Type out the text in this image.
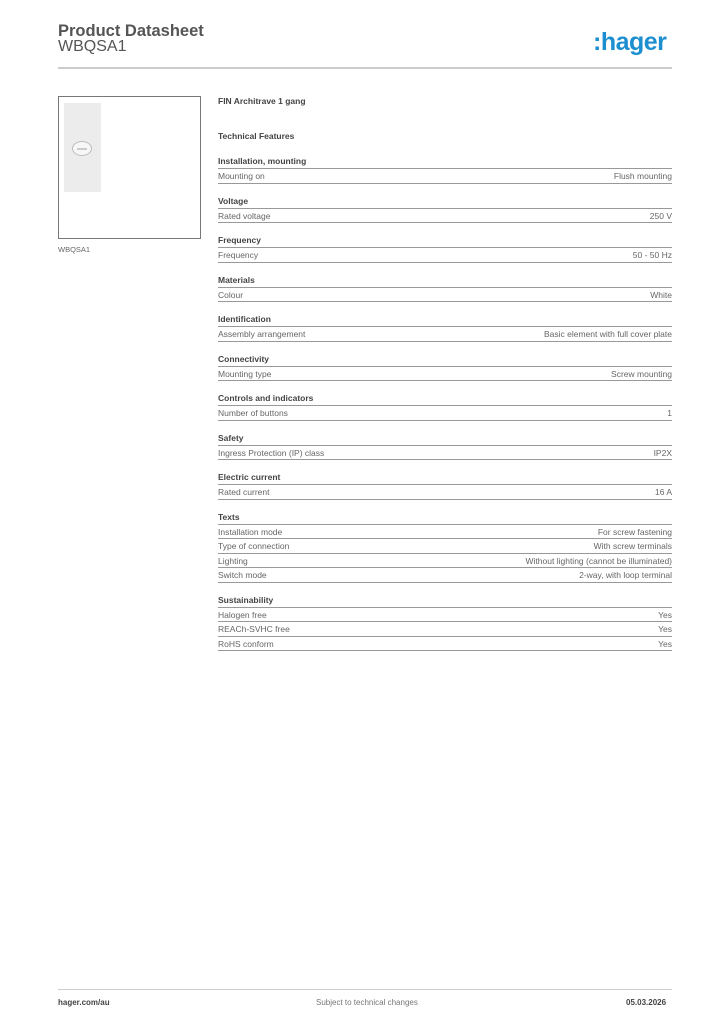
Product Datasheet
WBQSA1	:hager
WBQSA1
FIN Architrave 1 gang
Technical Features
Installation, mounting
Mounting on	Flush mounting
Voltage
Rated voltage	250 V
Frequency
Frequency	50 - 50 Hz
Materials
Colour	White
Identification
Assembly arrangement	Basic element with full cover plate
Connectivity
Mounting type	Screw mounting
Controls and indicators
Number of buttons	1
Safety
Ingress Protection (IP) class	IP2X
Electric current
Rated current	16 A
Texts
Installation mode	For screw fastening
Type of connection	With screw terminals
Lighting	Without lighting (cannot be illuminated)
Switch mode	2-way, with loop terminal
Sustainability
Halogen free	Yes
REACh-SVHC free	Yes
RoHS conform	Yes
hager.com/au	Subject to technical changes	05.03.2026
